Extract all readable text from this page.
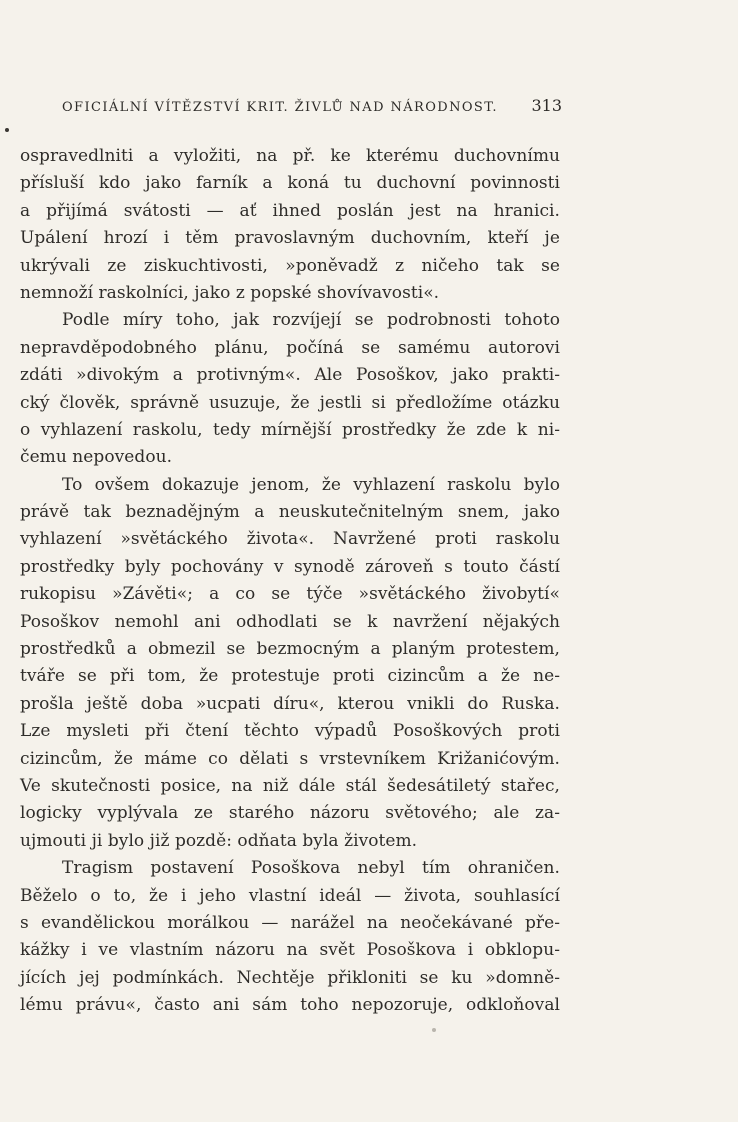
OFICIÁLNÍ VÍTĚZSTVÍ KRIT. ŽIVLŮ NAD NÁRODNOST. 313
ospravedlniti a vyložiti, na př. ke kterému duchovnímu
přísluší kdo jako farník a koná tu duchovní povinnosti
a přijímá svátosti — ať ihned poslán jest na hranici.
Upálení hrozí i těm pravoslavným duchovním, kteří je
ukrývali ze ziskuchtivosti, »poněvadž z ničeho tak se
nemnoží raskolníci, jako z popské shovívavosti«.
Podle míry toho, jak rozvíjejí se podrobnosti tohoto
nepravděpodobného plánu, počíná se samému autorovi
zdáti »divokým a protivným«. Ale Posoškov, jako prakti-
cký člověk, správně usuzuje, že jestli si předložíme otázku
o vyhlazení raskolu, tedy mírnější prostředky že zde k ni-
čemu nepovedou.
To ovšem dokazuje jenom, že vyhlazení raskolu bylo
právě tak beznadějným a neuskutečnitelným snem, jako
vyhlazení »světáckého života«. Navržené proti raskolu
prostředky byly pochovány v synodě zároveň s touto částí
rukopisu »Závěti«; a co se týče »světáckého živobytí«
Posoškov nemohl ani odhodlati se k navržení nějakých
prostředků a obmezil se bezmocným a planým protestem,
tváře se při tom, že protestuje proti cizincům a že ne-
prošla ještě doba »ucpati díru«, kterou vnikli do Ruska.
Lze mysleti při čtení těchto výpadů Posoškových proti
cizincům, že máme co dělati s vrstevníkem Križanićovým.
Ve skutečnosti posice, na niž dále stál šedesátiletý stařec,
logicky vyplývala ze starého názoru světového; ale za-
ujmouti ji bylo již pozdě: odňata byla životem.
Tragism postavení Posoškova nebyl tím ohraničen.
Běželo o to, že i jeho vlastní ideál — života, souhlasící
s evandělickou morálkou — narážel na neočekávané pře-
kážky i ve vlastním názoru na svět Posoškova i obklopu-
jících jej podmínkách. Nechtěje přikloniti se ku »domně-
lému právu«, často ani sám toho nepozoruje, odkloňoval
